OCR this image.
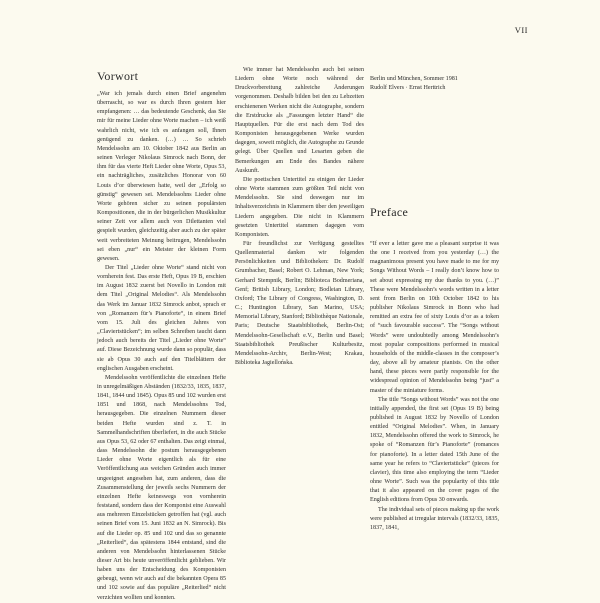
VII
Vorwort

„War ich jemals durch einen Brief angenehm überrascht, so war es durch Ihren gestern hier empfangenen: … das bedeutende Geschenk, das Sie mir für meine Lieder ohne Worte machen – ich weiß wahrlich nicht, wie ich es anfangen soll, Ihnen genügend zu danken. (…) … So schrieb Mendelssohn am 10. Oktober 1842 aus Berlin an seinen Verleger Nikolaus Simrock nach Bonn, der ihm für das vierte Heft Lieder ohne Worte, Opus 53, ein nachträgliches, zusätzliches Honorar von 60 Louis d’or überwiesen hatte, weil der „Erfolg so günstig“ gewesen sei. Mendelssohns Lieder ohne Worte gehören sicher zu seinen populärsten Kompositionen, die in der bürgerlichen Musikkultur seiner Zeit vor allem auch von Dilettanten viel gespielt wurden, gleichzeitig aber auch zu der später weit verbreiteten Meinung beitrugen, Mendelssohn sei eben „nur“ ein Meister der kleinen Form gewesen.

Der Titel „Lieder ohne Worte“ stand nicht von vornherein fest. Das erste Heft, Opus 19 B, erschien im August 1832 zuerst bei Novello in London mit dem Titel „Original Melodies“. Als Mendelssohn das Werk im Januar 1832 Simrock anbot, sprach er von „Romanzen für’s Pianoforte“, in einem Brief vom 15. Juli des gleichen Jahres von „Claviertstücken“; im selben Schreiben taucht dann jedoch auch bereits der Titel „Lieder ohne Worte“ auf. Diese Bezeichnung wurde dann so populär, dass sie ab Opus 30 auch auf den Titelblättern der englischen Ausgaben erscheint.

Mendelssohn veröffentlichte die einzelnen Hefte in unregelmäßigen Abständen (1832/33, 1835, 1837, 1841, 1844 und 1845). Opus 85 und 102 wurden erst 1851 und 1868, nach Mendelssohns Tod, herausgegeben. Die einzelnen Nummern dieser beiden Hefte wurden sind z. T. in Sammelhandschriften überliefert, in die auch Stücke aus Opus 53, 62 oder 67 enthalten. Das zeigt einmal, dass Mendelssohn die postum herausgegebenen Lieder ohne Worte eigentlich als für eine Veröffentlichung aus weichen Gründen auch immer ungeeignet angesehen hat, zum anderen, dass die Zusammenstellung der jeweils sechs Nummern der einzelnen Hefte keineswegs von vornherein feststand, sondern dass der Komponist eine Auswahl aus mehreren Einzelstücken getroffen hat (vgl. auch seinen Brief vom 15. Juni 1832 an N. Simrock). Bis auf die Lieder op. 85 und 102 und das so genannte „Reiterlied“, das spätestens 1844 entstand, sind die anderen von Mendelssohn hinterlassenen Stücke dieser Art bis heute unveröffentlicht geblieben. Wir haben uns der Entscheidung des Komponisten gebeugt, wenn wir auch auf die bekannten Opera 85 und 102 sowie auf das populäre „Reiterlied“ nicht verzichten wollten und konnten.

Wie immer hat Mendelssohn auch bei seinen Liedern ohne Worte noch während der Druckvorbereitung zahlreiche Änderungen vorgenommen. Deshalb bilden bei den zu Lebzeiten erschienenen Werken nicht die Autographe, sondern die Erstdrucke als „Fassungen letzter Hand“ die Hauptquellen. Für die erst nach dem Tod des Komponisten herausgegebenen Werke wurden dagegen, soweit möglich, die Autographe zu Grunde gelegt. Über Quellen und Lesarten geben die Bemerkungen am Ende des Bandes nähere Auskunft.

Die poetischen Untertitel zu einigen der Lieder ohne Worte stammen zum größten Teil nicht von Mendelssohn. Sie sind deswegen nur im Inhaltsverzeichnis in Klammern über den jeweiligen Liedern angegeben. Die nicht in Klammern gesetzten Untertitel stammen dagegen vom Komponisten.

Für freundlichst zur Verfügung gestelltes Quellenmaterial danken wir folgenden Persönlichkeiten und Bibliotheken: Dr. Rudolf Grumbacher, Basel; Robert O. Lehman, New York; Gerhard Stempnik, Berlin; Biblioteca Bodmeriana, Genf; British Library, London; Bodleian Library, Oxford; The Library of Congress, Washington, D. C.; Huntington Library, San Marino, USA; Memorial Library, Stanford; Bibliothèque Nationale, Paris; Deutsche Staatsbibliothek, Berlin-Ost; Mendelssohn-Gesellschaft e.V., Berlin und Basel; Staatsbibliothek Preußischer Kulturbesitz, Mendelssohn-Archiv, Berlin-West; Krakau, Biblioteka Jagiellońska.

Berlin und München, Sommer 1981

Rudolf Elvers · Ernst Herttrich

Preface

“If ever a letter gave me a pleasant surprise it was the one I received from you yesterday (…) the magnanimous present you have made to me for my Songs Without Words – I really don’t know how to set about expressing my due thanks to you. (…)” These were Mendelssohn’s words written in a letter sent from Berlin on 10th October 1842 to his publisher Nikolaus Simrock in Bonn who had remitted an extra fee of sixty Louis d’or as a token of “such favourable success”. The “Songs without Words” were undoubtedly among Mendelssohn’s most popular compositions performed in musical households of the middle-classes in the composer’s day, above all by amateur pianists. On the other hand, these pieces were partly responsible for the widespread opinion of Mendelssohn being “just” a master of the miniature forms.

The title “Songs without Words” was not the one initially appended, the first set (Opus 19 B) being published in August 1832 by Novello of London entitled “Original Melodies”. When, in January 1832, Mendelssohn offered the work to Simrock, he spoke of “Romanzen für’s Pianoforte” (romances for pianoforte). In a letter dated 15th June of the same year he refers to “Claviertstücke” (pieces for clavier), this time also employing the term “Lieder ohne Worte”. Such was the popularity of this title that it also appeared on the cover pages of the English editions from Opus 30 onwards.

The individual sets of pieces making up the work were published at irregular intervals (1832/33, 1835, 1837, 1841,
